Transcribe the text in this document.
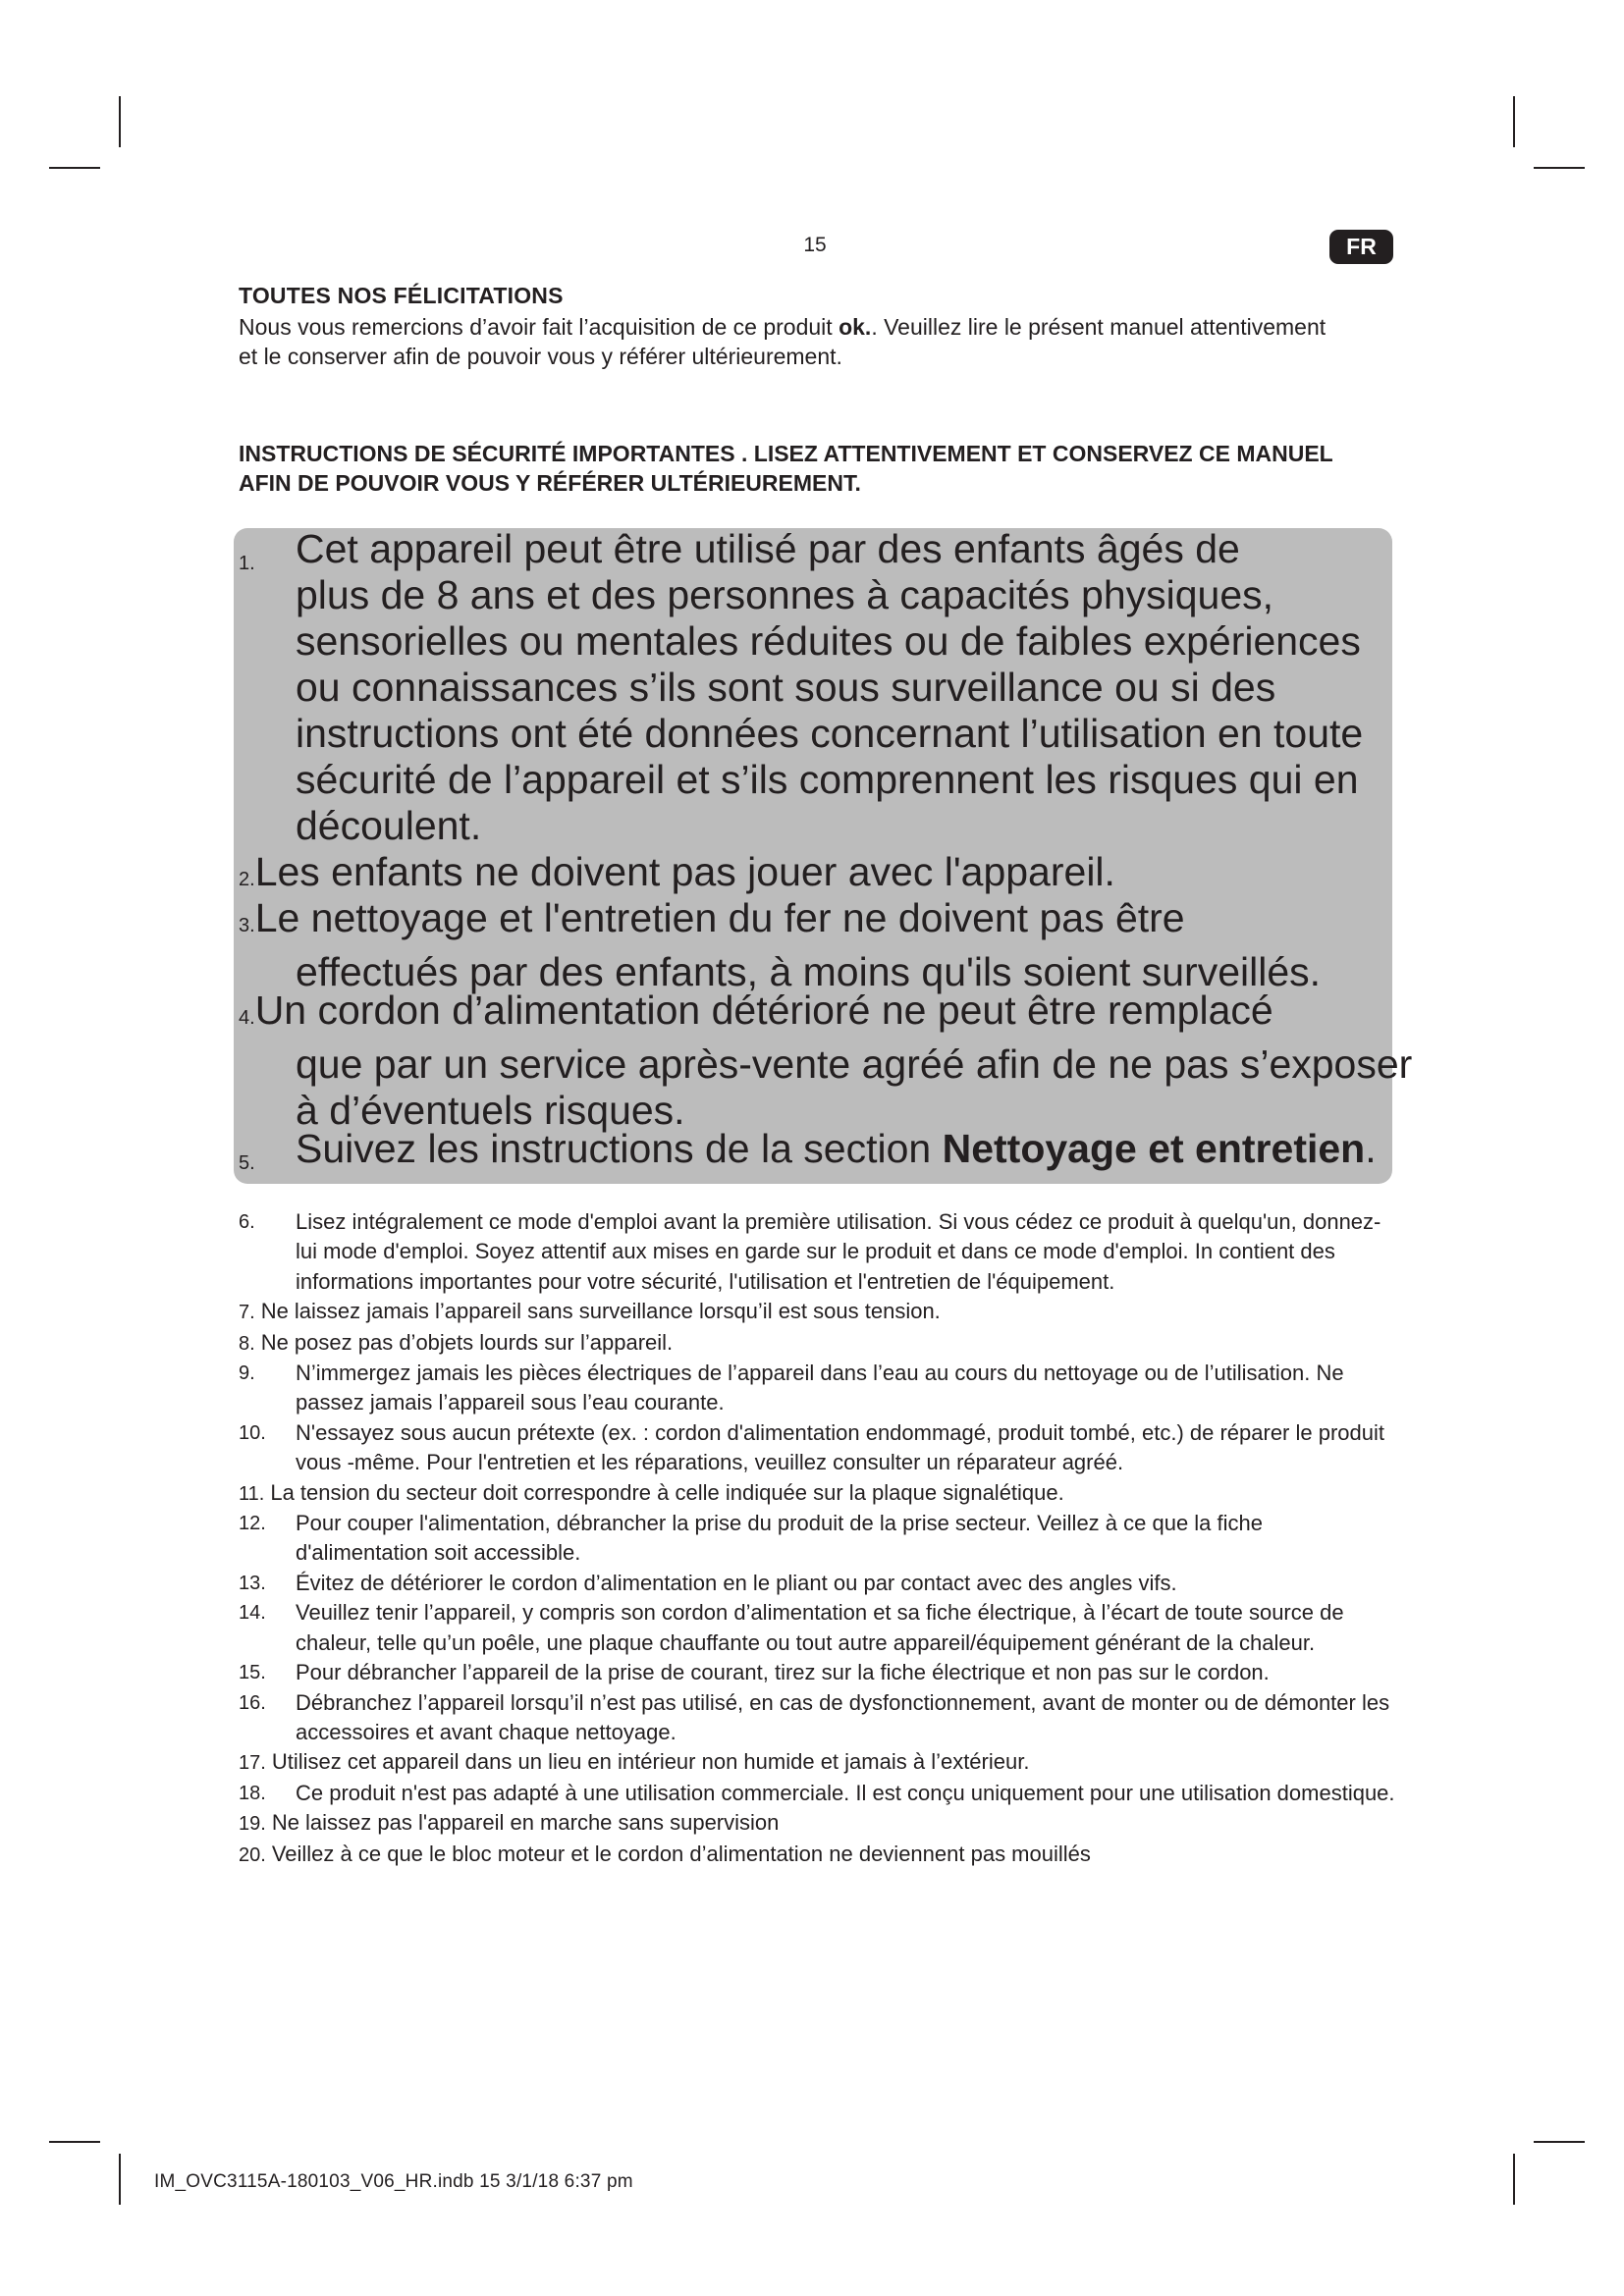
15	FR
TOUTES NOS FÉLICITATIONS
Nous vous remercions d’avoir fait l’acquisition de ce produit ok.. Veuillez lire le présent manuel attentivement et le conserver afin de pouvoir vous y référer ultérieurement.
INSTRUCTIONS DE SÉCURITÉ IMPORTANTES . LISEZ ATTENTIVEMENT ET CONSERVEZ CE MANUEL AFIN DE POUVOIR VOUS Y RÉFÉRER ULTÉRIEUREMENT.
1.	Cet appareil peut être utilisé par des enfants âgés de
plus de 8 ans et des personnes à capacités physiques,
sensorielles ou mentales réduites ou de faibles expériences
ou connaissances s’ils sont sous surveillance ou si des
instructions ont été données concernant l’utilisation en toute
sécurité de l’appareil et s’ils comprennent les risques qui en
découlent.
2.Les enfants ne doivent pas jouer avec l'appareil.
3.Le nettoyage et l'entretien du fer ne doivent pas être
effectués par des enfants, à moins qu'ils soient surveillés.
4.Un cordon d’alimentation détérioré ne peut être remplacé
que par un service après-vente agréé afin de ne pas s’exposer
à d’éventuels risques.
5.	Suivez les instructions de la section Nettoyage et entretien.
6. Lisez intégralement ce mode d'emploi avant la première utilisation. Si vous cédez ce produit à quelqu'un, donnez-lui mode d'emploi. Soyez attentif aux mises en garde sur le produit et dans ce mode d'emploi. In contient des informations importantes pour votre sécurité, l'utilisation et l'entretien de l'équipement.
7. Ne laissez jamais l’appareil sans surveillance lorsqu’il est sous tension.
8. Ne posez pas d’objets lourds sur l’appareil.
9. N’immergez jamais les pièces électriques de l’appareil dans l’eau au cours du nettoyage ou de l’utilisation. Ne passez jamais l’appareil sous l’eau courante.
10. N'essayez sous aucun prétexte (ex. : cordon d'alimentation endommagé, produit tombé, etc.) de réparer le produit vous -même. Pour l'entretien et les réparations, veuillez consulter un réparateur agréé.
11. La tension du secteur doit correspondre à celle indiquée sur la plaque signalétique.
12. Pour couper l'alimentation, débrancher la prise du produit de la prise secteur. Veillez à ce que la fiche d'alimentation soit accessible.
13. Évitez de détériorer le cordon d’alimentation en le pliant ou par contact avec des angles vifs.
14. Veuillez tenir l’appareil, y compris son cordon d’alimentation et sa fiche électrique, à l’écart de toute source de chaleur, telle qu’un poêle, une plaque chauffante ou tout autre appareil/équipement générant de la chaleur.
15. Pour débrancher l’appareil de la prise de courant, tirez sur la fiche électrique et non pas sur le cordon.
16. Débranchez l’appareil lorsqu’il n’est pas utilisé, en cas de dysfonctionnement, avant de monter ou de démonter les accessoires et avant chaque nettoyage.
17. Utilisez cet appareil dans un lieu en intérieur non humide et jamais à l’extérieur.
18. Ce produit n'est pas adapté à une utilisation commerciale. Il est conçu uniquement pour une utilisation domestique.
19. Ne laissez pas l'appareil en marche sans supervision
20. Veillez à ce que le bloc moteur et le cordon d’alimentation ne deviennent pas mouillés
IM_OVC3115A-180103_V06_HR.indb 15 3/1/18 6:37 pm
